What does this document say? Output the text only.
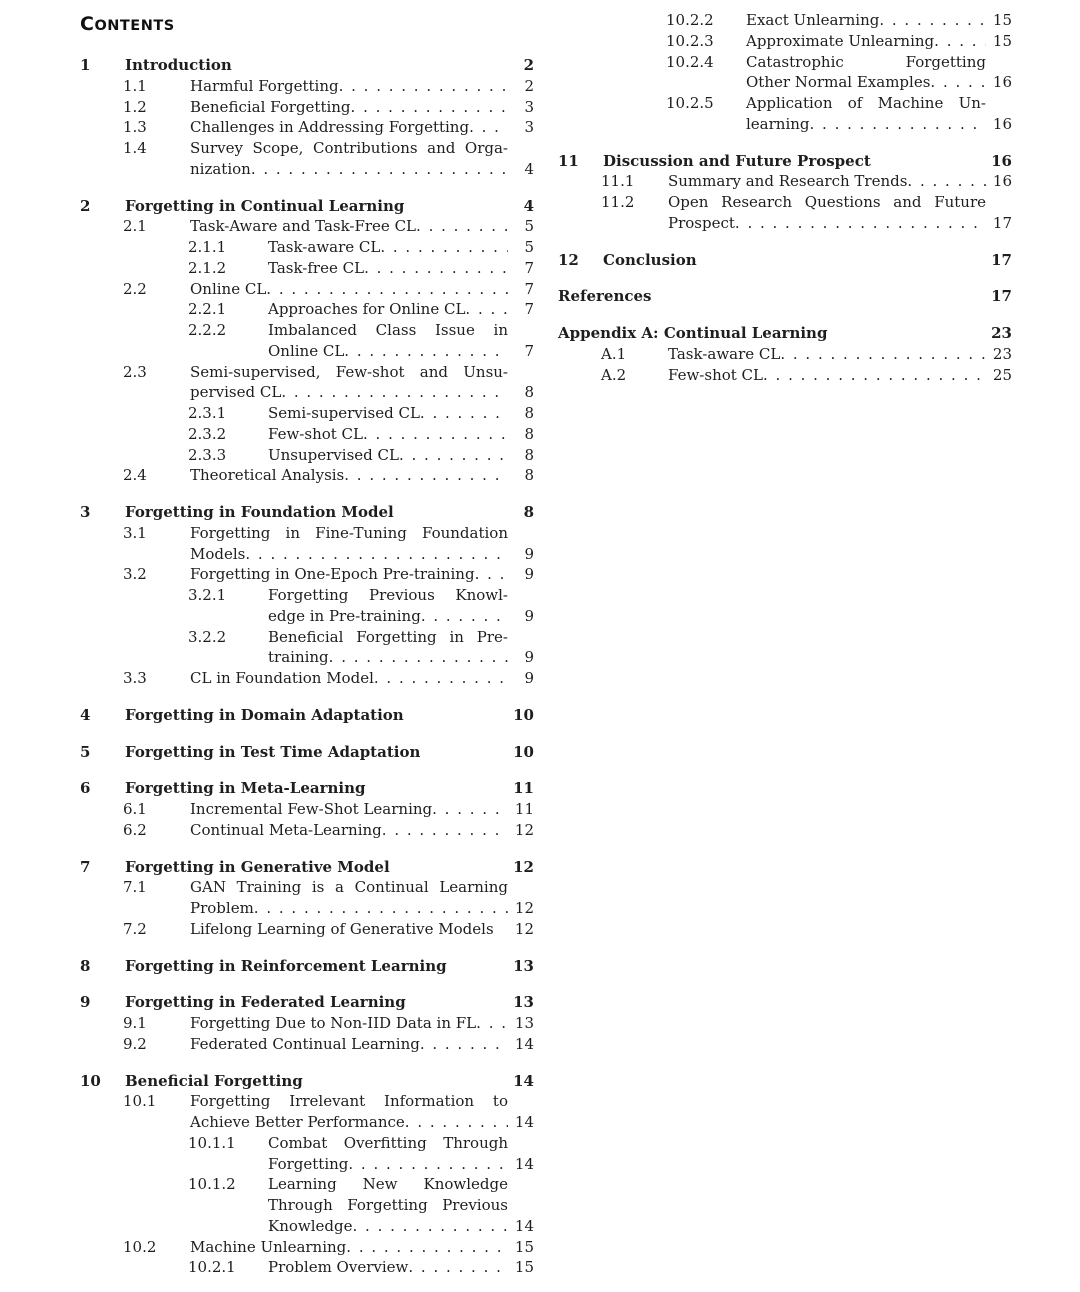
CONTENTS
1	Introduction	2
1.1	Harmful Forgetting . . .	2
1.2	Beneficial Forgetting . . .	3
1.3	Challenges in Addressing Forgetting . . .	3
1.4	Survey Scope, Contributions and Orga-
nization . . .	4
2	Forgetting in Continual Learning	4
2.1	Task-Aware and Task-Free CL . . .	5
2.1.1	Task-aware CL . . .	5
2.1.2	Task-free CL . . .	7
2.2	Online CL . . .	7
2.2.1	Approaches for Online CL . . .	7
2.2.2	Imbalanced Class Issue in
Online CL . . .	7
2.3	Semi-supervised, Few-shot and Unsu-
pervised CL . . .	8
2.3.1	Semi-supervised CL . . .	8
2.3.2	Few-shot CL . . .	8
2.3.3	Unsupervised CL . . .	8
2.4	Theoretical Analysis . . .	8
3	Forgetting in Foundation Model	8
3.1	Forgetting in Fine-Tuning Foundation
Models . . .	9
3.2	Forgetting in One-Epoch Pre-training . . .	9
3.2.1	Forgetting Previous Knowl-
edge in Pre-training . . .	9
3.2.2	Beneficial Forgetting in Pre-
training . . .	9
3.3	CL in Foundation Model . . .	9
4	Forgetting in Domain Adaptation	10
5	Forgetting in Test Time Adaptation	10
6	Forgetting in Meta-Learning	11
6.1	Incremental Few-Shot Learning . . .	11
6.2	Continual Meta-Learning . . .	12
7	Forgetting in Generative Model	12
7.1	GAN Training is a Continual Learning
Problem . . .	12
7.2	Lifelong Learning of Generative Models	12
8	Forgetting in Reinforcement Learning	13
9	Forgetting in Federated Learning	13
9.1	Forgetting Due to Non-IID Data in FL . . .	13
9.2	Federated Continual Learning . . .	14
10	Beneficial Forgetting	14
10.1	Forgetting Irrelevant Information to
Achieve Better Performance . . .	14
10.1.1	Combat Overfitting Through
Forgetting . . .	14
10.1.2	Learning New Knowledge
Through Forgetting Previous
Knowledge . . .	14
10.2	Machine Unlearning . . .	15
10.2.1	Problem Overview . . .	15
10.2.2	Exact Unlearning . . .	15
10.2.3	Approximate Unlearning . . .	15
10.2.4	Catastrophic Forgetting
Other Normal Examples . . .	16
10.2.5	Application of Machine Un-
learning . . .	16
11	Discussion and Future Prospect	16
11.1	Summary and Research Trends . . .	16
11.2	Open Research Questions and Future
Prospect . . .	17
12	Conclusion	17
References	17
Appendix A: Continual Learning	23
A.1	Task-aware CL . . .	23
A.2	Few-shot CL . . .	25
